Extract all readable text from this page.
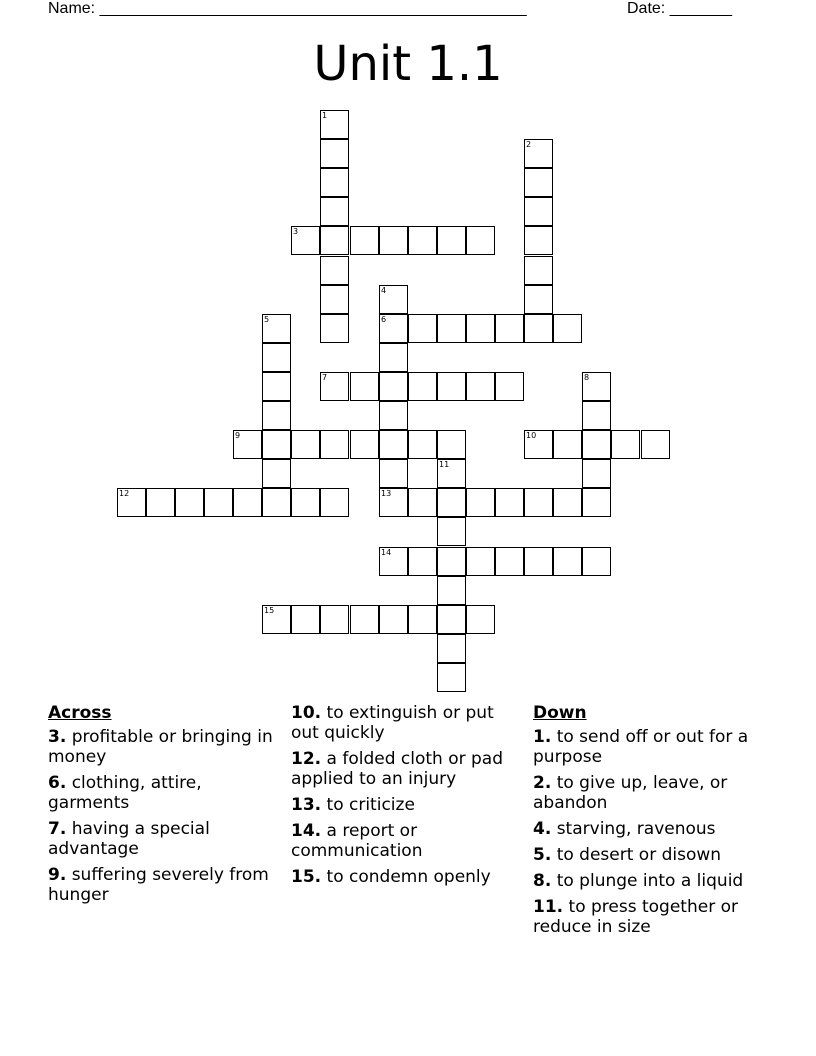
Name: ________________________________________________	Date: _______
Unit 1.1
1
2
3
4
6
13
5
7	8
9	10
11
12
14
15
Across
3. profitable or bringing in money
6. clothing, attire, garments
7. having a special advantage
9. suffering severely from hunger
10. to extinguish or put out quickly
12. a folded cloth or pad applied to an injury
13. to criticize
14. a report or communication
15. to condemn openly
Down
1. to send off or out for a purpose
2. to give up, leave, or abandon
4. starving, ravenous
5. to desert or disown
8. to plunge into a liquid
11. to press together or reduce in size
